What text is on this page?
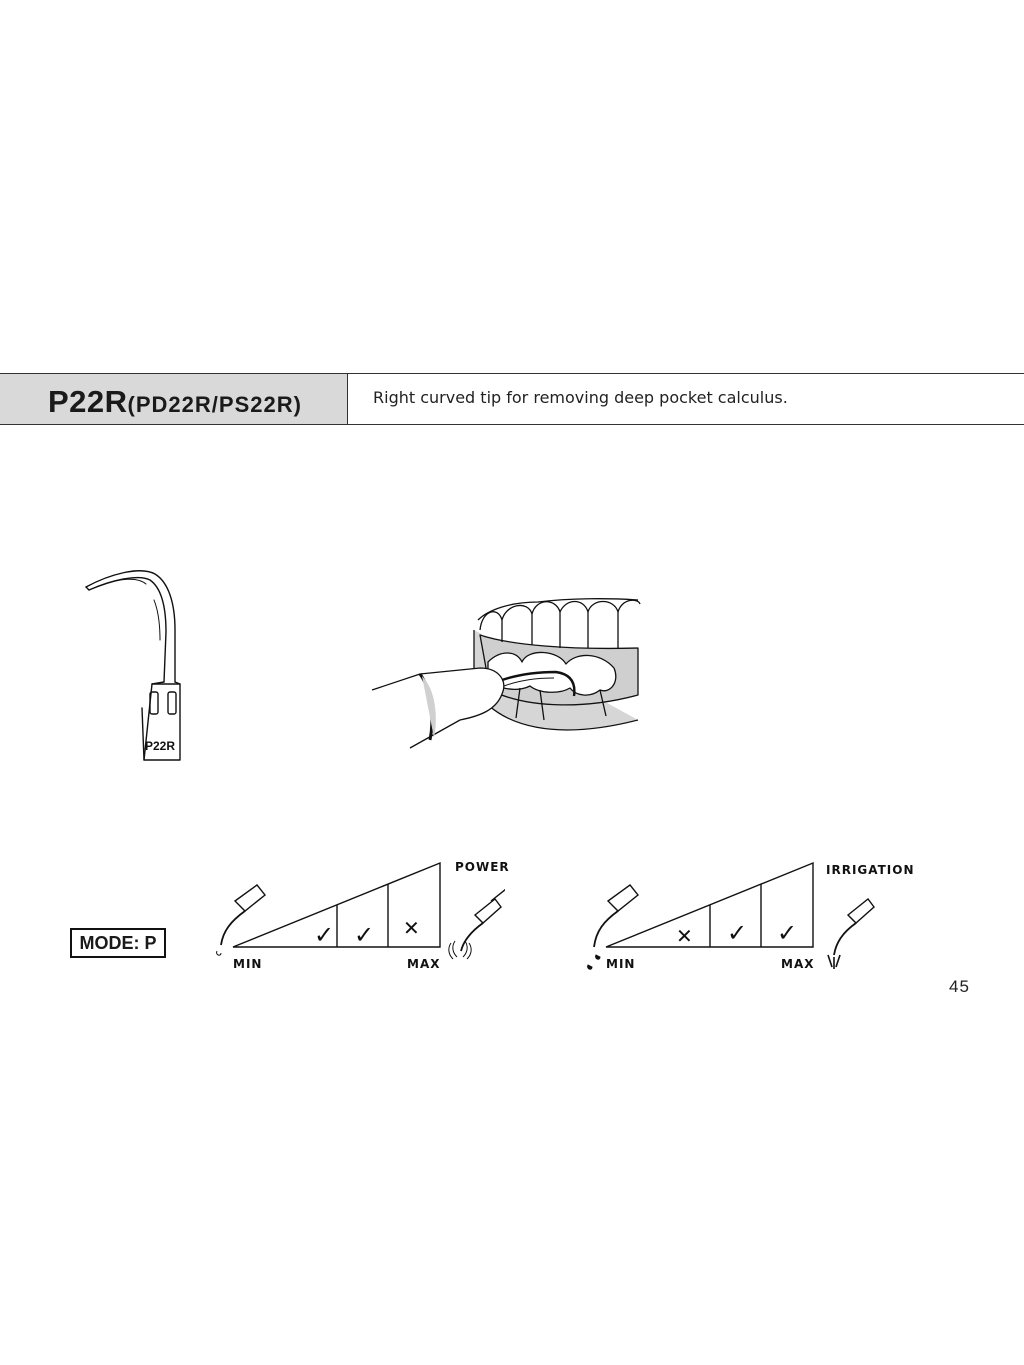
P22R(PD22R/PS22R)	Right curved tip for removing deep pocket calculus.
P22R
MODE: P	✓ ✓ ✕
POWER
MIN	MAX
✕ ✓ ✓
IRRIGATION
MIN	MAX
45
